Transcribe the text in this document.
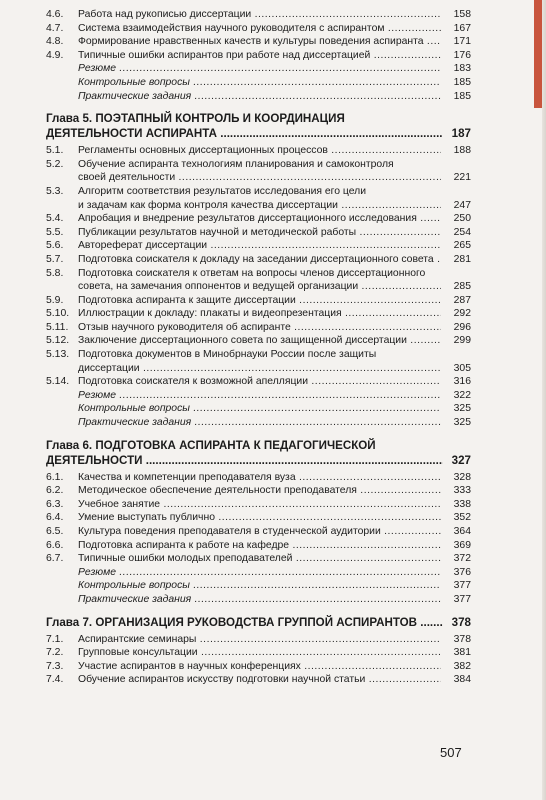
4.6.	Работа над рукописью диссертации .....	158
4.7.	Система взаимодействия научного руководителя с аспирантом .....	167
4.8.	Формирование нравственных качеств и культуры поведения аспиранта .....	171
4.9.	Типичные ошибки аспирантов при работе над диссертацией .....	176
Резюме .....	183
Контрольные вопросы .....	185
Практические задания .....	185
Глава 5. ПОЭТАПНЫЙ КОНТРОЛЬ И КООРДИНАЦИЯ
ДЕЯТЕЛЬНОСТИ АСПИРАНТА .....	187
5.1.	Регламенты основных диссертационных процессов .....	188
5.2.	Обучение аспиранта технологиям планирования и самоконтроля
своей деятельности .....	221
5.3.	Алгоритм соответствия результатов исследования его цели
и задачам как форма контроля качества диссертации .....	247
5.4.	Апробация и внедрение результатов диссертационного исследования .....	250
5.5.	Публикации результатов научной и методической работы .....	254
5.6.	Автореферат диссертации .....	265
5.7.	Подготовка соискателя к докладу на заседании диссертационного совета .....	281
5.8.	Подготовка соискателя к ответам на вопросы членов диссертационного
совета, на замечания оппонентов и ведущей организации .....	285
5.9.	Подготовка аспиранта к защите диссертации .....	287
5.10. Иллюстрации к докладу: плакаты и видеопрезентация .....	292
5.11. Отзыв научного руководителя об аспиранте .....	296
5.12. Заключение диссертационного совета по защищенной диссертации .....	299
5.13. Подготовка документов в Минобрнауки России после защиты
диссертации .....	305
5.14. Подготовка соискателя к возможной апелляции .....	316
Резюме .....	322
Контрольные вопросы .....	325
Практические задания .....	325
Глава 6. ПОДГОТОВКА АСПИРАНТА К ПЕДАГОГИЧЕСКОЙ
ДЕЯТЕЛЬНОСТИ .....	327
6.1.	Качества и компетенции преподавателя вуза .....	328
6.2.	Методическое обеспечение деятельности преподавателя .....	333
6.3.	Учебное занятие .....	338
6.4.	Умение выступать публично .....	352
6.5.	Культура поведения преподавателя в студенческой аудитории .....	364
6.6.	Подготовка аспиранта к работе на кафедре .....	369
6.7.	Типичные ошибки молодых преподавателей .....	372
Резюме .....	376
Контрольные вопросы .....	377
Практические задания .....	377
Глава 7. ОРГАНИЗАЦИЯ РУКОВОДСТВА ГРУППОЙ АСПИРАНТОВ .....	378
7.1.	Аспирантские семинары .....	378
7.2.	Групповые консультации .....	381
7.3.	Участие аспирантов в научных конференциях .....	382
7.4.	Обучение аспирантов искусству подготовки научной статьи .....	384
507
